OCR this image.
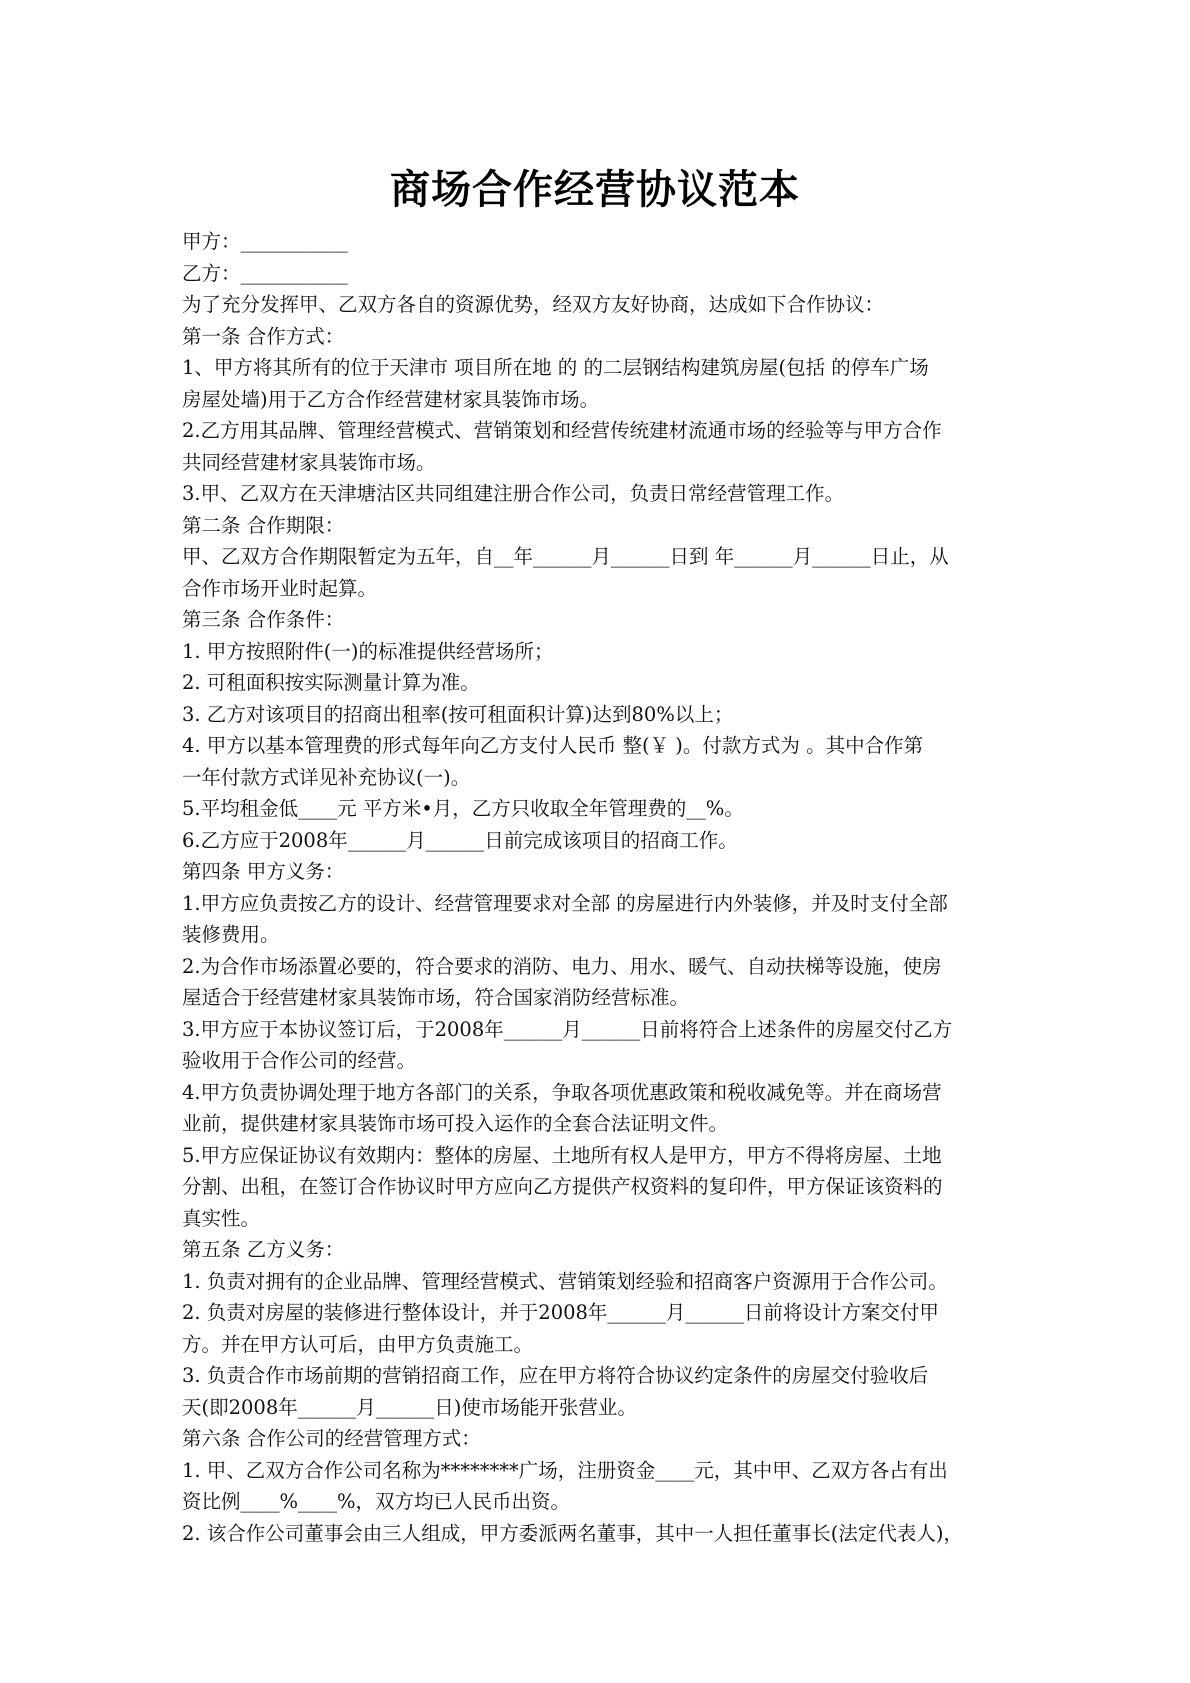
商场合作经营协议范本
甲方：___________
乙方：___________
为了充分发挥甲、乙双方各自的资源优势，经双方友好协商，达成如下合作协议：
第一条 合作方式：
1、甲方将其所有的位于天津市 项目所在地 的 的二层钢结构建筑房屋(包括 的停车广场
房屋处墙)用于乙方合作经营建材家具装饰市场。
2.乙方用其品牌、管理经营模式、营销策划和经营传统建材流通市场的经验等与甲方合作
共同经营建材家具装饰市场。
3.甲、乙双方在天津塘沽区共同组建注册合作公司，负责日常经营管理工作。
第二条 合作期限：
甲、乙双方合作期限暂定为五年，自__年______月______日到 年______月______日止，从
合作市场开业时起算。
第三条 合作条件：
1. 甲方按照附件(一)的标准提供经营场所；
2. 可租面积按实际测量计算为准。
3. 乙方对该项目的招商出租率(按可租面积计算)达到80%以上；
4. 甲方以基本管理费的形式每年向乙方支付人民币 整(￥ )。付款方式为 。其中合作第
一年付款方式详见补充协议(一)。
5.平均租金低____元 平方米•月，乙方只收取全年管理费的__%。
6.乙方应于2008年______月______日前完成该项目的招商工作。
第四条 甲方义务：
1.甲方应负责按乙方的设计、经营管理要求对全部 的房屋进行内外装修，并及时支付全部
装修费用。
2.为合作市场添置必要的，符合要求的消防、电力、用水、暖气、自动扶梯等设施，使房
屋适合于经营建材家具装饰市场，符合国家消防经营标准。
3.甲方应于本协议签订后，于2008年______月______日前将符合上述条件的房屋交付乙方
验收用于合作公司的经营。
4.甲方负责协调处理于地方各部门的关系，争取各项优惠政策和税收减免等。并在商场营
业前，提供建材家具装饰市场可投入运作的全套合法证明文件。
5.甲方应保证协议有效期内：整体的房屋、土地所有权人是甲方，甲方不得将房屋、土地
分割、出租，在签订合作协议时甲方应向乙方提供产权资料的复印件，甲方保证该资料的
真实性。
第五条 乙方义务：
1. 负责对拥有的企业品牌、管理经营模式、营销策划经验和招商客户资源用于合作公司。
2. 负责对房屋的装修进行整体设计，并于2008年______月______日前将设计方案交付甲
方。并在甲方认可后，由甲方负责施工。
3. 负责合作市场前期的营销招商工作，应在甲方将符合协议约定条件的房屋交付验收后
天(即2008年______月______日)使市场能开张营业。
第六条 合作公司的经营管理方式：
1. 甲、乙双方合作公司名称为********广场，注册资金____元，其中甲、乙双方各占有出
资比例____%____%，双方均已人民币出资。
2. 该合作公司董事会由三人组成，甲方委派两名董事，其中一人担任董事长(法定代表人)，
